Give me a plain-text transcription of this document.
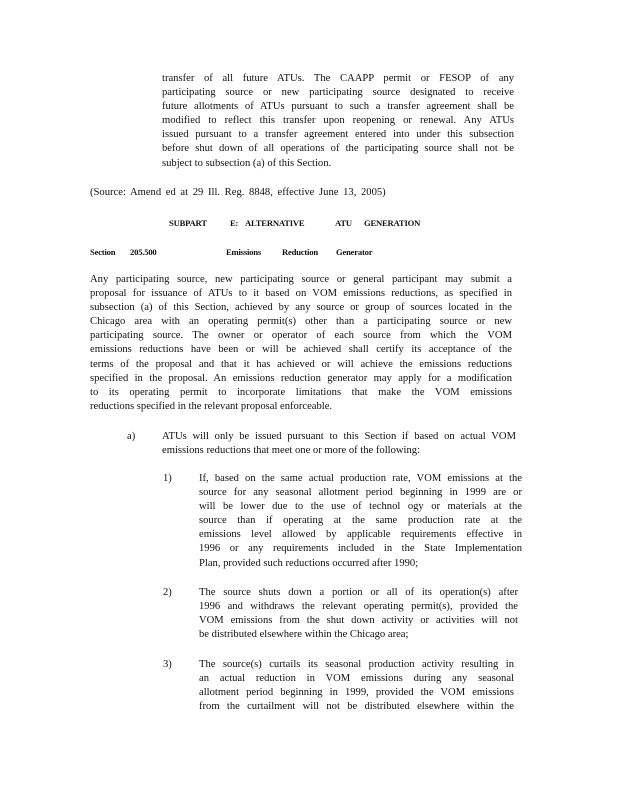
transfer of all future ATUs. The CAAPP permit or FESOP of any
participating source or new participating source designated to receive
future allotments of ATUs pursuant to such a transfer agreement shall be
modified to reflect this transfer upon reopening or renewal. Any ATUs
issued pursuant to a transfer agreement entered into under this subsection
before shut down of all operations of the participating source shall not be
subject to subsection (a) of this Section.
(Source: Amend ed at 29 Ill. Reg. 8848, effective June 13, 2005)
SUBPART	E: ALTERNATIVE	ATU GENERATION
Section 205.500	Emissions Reduction Generator
Any participating source, new participating source or general participant may submit a
proposal for issuance of ATUs to it based on VOM emissions reductions, as specified in
subsection (a) of this Section, achieved by any source or group of sources located in the
Chicago area with an operating permit(s) other than a participating source or new
participating source. The owner or operator of each source from which the VOM
emissions reductions have been or will be achieved shall certify its acceptance of the
terms of the proposal and that it has achieved or will achieve the emissions reductions
specified in the proposal. An emissions reduction generator may apply for a modification
to its operating permit to incorporate limitations that make the VOM emissions
reductions specified in the relevant proposal enforceable.
a)	ATUs will only be issued pursuant to this Section if based on actual VOM
emissions reductions that meet one or more of the following:
1)	If, based on the same actual production rate, VOM emissions at the
source for any seasonal allotment period beginning in 1999 are or
will be lower due to the use of technol ogy or materials at the
source than if operating at the same production rate at the
emissions level allowed by applicable requirements effective in
1996 or any requirements included in the State Implementation
Plan, provided such reductions occurred after 1990;
2)	The source shuts down a portion or all of its operation(s) after
1996 and withdraws the relevant operating permit(s), provided the
VOM emissions from the shut down activity or activities will not
be distributed elsewhere within the Chicago area;
3)	The source(s) curtails its seasonal production activity resulting in
an actual reduction in VOM emissions during any seasonal
allotment period beginning in 1999, provided the VOM emissions
from the curtailment will not be distributed elsewhere within the
